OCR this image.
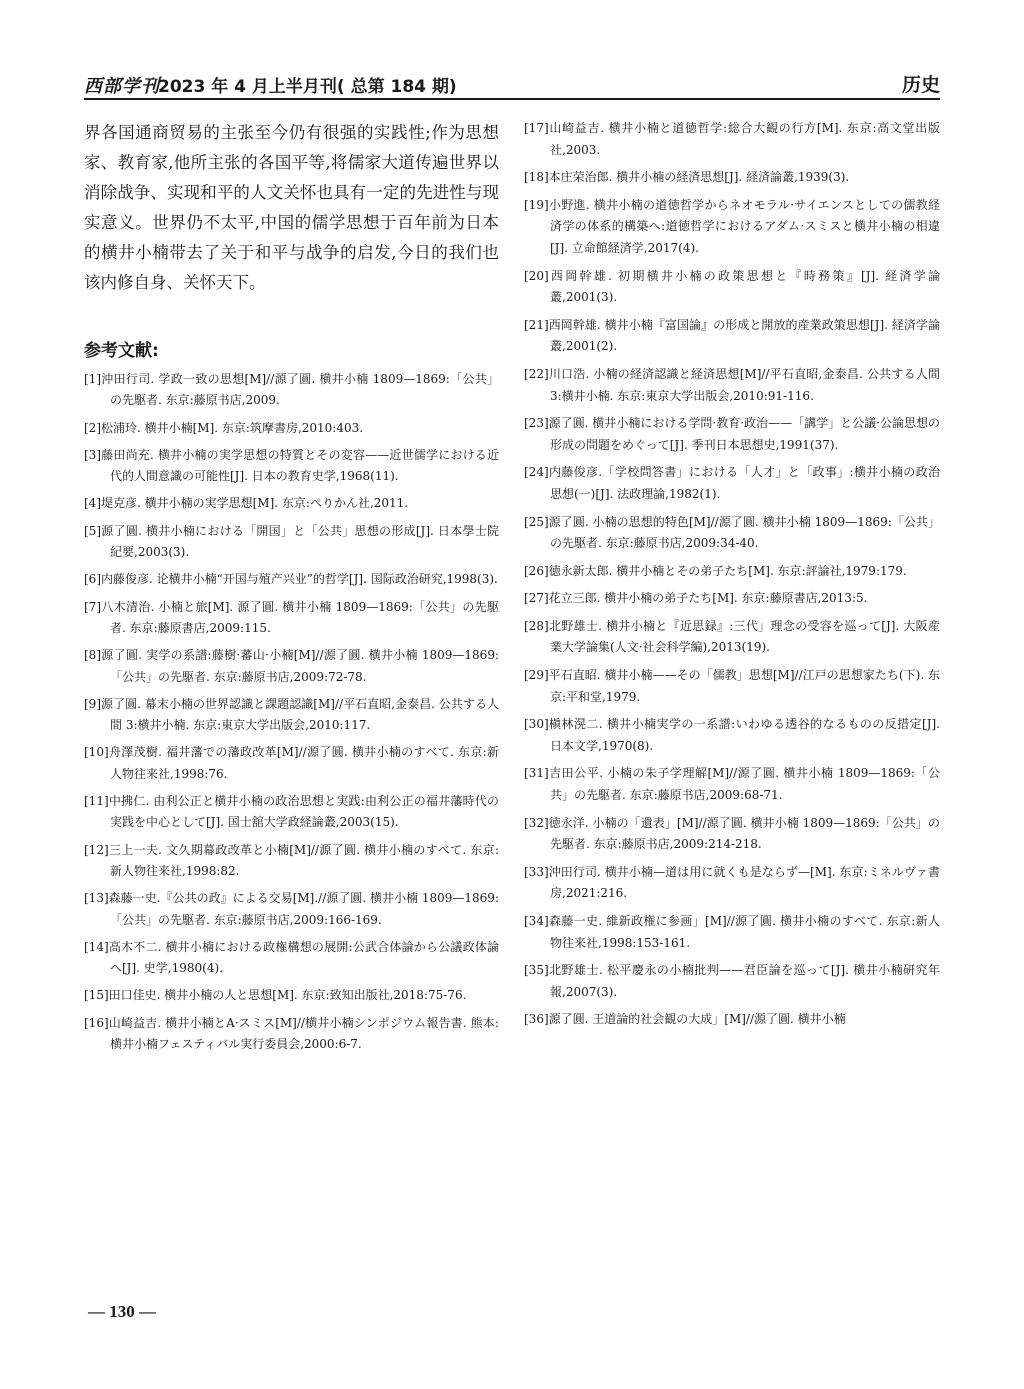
西部学刊
2023 年 4 月上半月刊( 总第 184 期)	历史

界各国通商贸易的主张至今仍有很强的实践性;作为思想家、教育家,他所主张的各国平等,将儒家大道传遍世界以消除战争、实现和平的人文关怀也具有一定的先进性与现实意义。世界仍不太平,中国的儒学思想于百年前为日本的横井小楠带去了关于和平与战争的启发,今日的我们也该内修自身、关怀天下。

参考文献:
[1]沖田行司. 学政一致の思想[M]//源了圓. 横井小楠 1809—1869:「公共」の先駆者. 东京:藤原书店,2009.
[2]松浦玲. 横井小楠[M]. 东京:筑摩書房,2010:403.
[3]藤田尚充. 横井小楠の実学思想の特質とその変容——近世儒学における近代的人間意識の可能性[J]. 日本の教育史学,1968(11).
[4]堤克彦. 横井小楠の実学思想[M]. 东京:ぺりかん社,2011.
[5]源了圓. 横井小楠における「開国」と「公共」思想の形成[J]. 日本學士院紀要,2003(3).
[6]内藤俊彦. 论横井小楠“开国与殖产兴业”的哲学[J]. 国际政治研究,1998(3).
[7]八木清治. 小楠と旅[M]. 源了圓. 横井小楠 1809—1869:「公共」の先駆者. 东京:藤原書店,2009:115.
[8]源了圓. 実学の系譜:藤樹·蕃山·小楠[M]//源了圓. 横井小楠 1809—1869:「公共」の先駆者. 东京:藤原书店,2009:72-78.
[9]源了圓. 幕末小楠の世界認識と課題認識[M]//平石直昭,金泰昌. 公共する人間 3:横井小楠. 东京:東京大学出版会,2010:117.
[10]舟澤茂樹. 福井藩での藩政改革[M]//源了圓. 横井小楠のすべて. 东京:新人物往来社,1998:76.
[11]中拂仁. 由利公正と横井小楠の政治思想と実践:由利公正の福井藩時代の実践を中心として[J]. 国士舘大学政経論叢,2003(15).
[12]三上一夫. 文久期幕政改革と小楠[M]//源了圓. 横井小楠のすべて. 东京:新人物往来社,1998:82.
[13]森藤一史.『公共の政』による交易[M].//源了圓. 横井小楠 1809—1869:「公共」の先駆者. 东京:藤原书店,2009:166-169.
[14]高木不二. 横井小楠における政権構想の展開:公武合体論から公議政体論へ[J]. 史学,1980(4).
[15]田口佳史. 横井小楠の人と思想[M]. 东京:致知出版社,2018:75-76.
[16]山崎益吉. 横井小楠とA·スミス[M]//横井小楠シンポジウム報告書. 熊本:横井小楠フェスティバル実行委員会,2000:6-7.
[17]山崎益吉. 横井小楠と道徳哲学:総合大観の行方[M]. 东京:高文堂出版社,2003.
[18]本庄荣治郎. 横井小楠の経済思想[J]. 経済論叢,1939(3).
[19]小野進. 横井小楠の道徳哲学からネオモラル·サイエンスとしての儒教経済学の体系的構築へ:道徳哲学におけるアダム·スミスと横井小楠の相違[J]. 立命館経済学,2017(4).
[20]西岡幹雄. 初期横井小楠の政策思想と『時務策』[J]. 経済学論叢,2001(3).
[21]西岡幹雄. 横井小楠『富国論』の形成と開放的産業政策思想[J]. 経済学論叢,2001(2).
[22]川口浩. 小楠の経済認識と経済思想[M]//平石直昭,金泰昌. 公共する人間 3:横井小楠. 东京:東京大学出版会,2010:91-116.
[23]源了圓. 横井小楠における学問·教育·政治——「講学」と公議·公論思想の形成の問題をめぐって[J]. 季刊日本思想史,1991(37).
[24]内藤俊彦.「学校問答書」における「人才」と「政事」:横井小楠の政治思想(一)[J]. 法政理論,1982(1).
[25]源了圓. 小楠の思想的特色[M]//源了圓. 横井小楠 1809—1869:「公共」の先駆者. 东京:藤原书店,2009:34-40.
[26]徳永新太郎. 横井小楠とその弟子たち[M]. 东京:評論社,1979:179.
[27]花立三郎. 横井小楠の弟子たち[M]. 东京:藤原書店,2013:5.
[28]北野雄士. 横井小楠と『近思録』:三代」理念の受容を巡って[J]. 大阪産業大学論集(人文·社会科学編),2013(19).
[29]平石直昭. 横井小楠——その「儒教」思想[M]//江戸の思想家たち(下). 东京:平和堂,1979.
[30]槇林滉二. 横井小楠実学の一系譜:いわゆる透谷的なるものの反措定[J]. 日本文学,1970(8).
[31]吉田公平. 小楠の朱子学理解[M]//源了圓. 横井小楠 1809—1869:「公共」の先駆者. 东京:藤原书店,2009:68-71.
[32]徳永洋. 小楠の「遺表」[M]//源了圓. 横井小楠 1809—1869:「公共」の先駆者. 东京:藤原书店,2009:214-218.
[33]沖田行司. 横井小楠—道は用に就くも是ならず—[M]. 东京:ミネルヴァ書房,2021:216.
[34]森藤一史. 維新政権に参画」[M]//源了圓. 横井小楠のすべて. 东京:新人物往来社,1998:153-161.
[35]北野雄士. 松平慶永の小楠批判——君臣論を巡って[J]. 横井小楠研究年報,2007(3).
[36]源了圓. 王道論的社会観の大成」[M]//源了圓. 横井小楠
— 130 —
